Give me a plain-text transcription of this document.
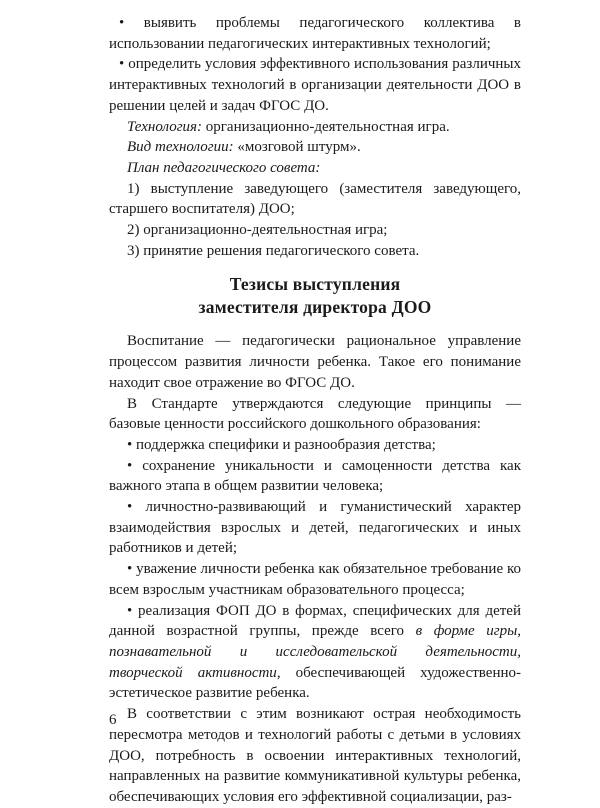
• выявить проблемы педагогического коллектива в использовании педагогических интерактивных технологий;

• определить условия эффективного использования различных интерактивных технологий в организации деятельности ДОО в решении целей и задач ФГОС ДО.

Технология: организационно-деятельностная игра.

Вид технологии: «мозговой штурм».

План педагогического совета:

1) выступление заведующего (заместителя заведующего, старшего воспитателя) ДОО;

2) организационно-деятельностная игра;

3) принятие решения педагогического совета.

Тезисы выступления
заместителя директора ДОО

Воспитание — педагогически рациональное управление процессом развития личности ребенка. Такое его понимание находит свое отражение во ФГОС ДО.

В Стандарте утверждаются следующие принципы — базовые ценности российского дошкольного образования:

• поддержка специфики и разнообразия детства;

• сохранение уникальности и самоценности детства как важного этапа в общем развитии человека;

• личностно-развивающий и гуманистический характер взаимодействия взрослых и детей, педагогических и иных работников и детей;

• уважение личности ребенка как обязательное требование ко всем взрослым участникам образовательного процесса;

• реализация ФОП ДО в формах, специфических для детей данной возрастной группы, прежде всего в форме игры, познавательной и исследовательской деятельности, творческой активности, обеспечивающей художественно-эстетическое развитие ребенка.

В соответствии с этим возникают острая необходимость пересмотра методов и технологий работы с детьми в условиях ДОО, потребность в освоении интерактивных технологий, направленных на развитие коммуникативной культуры ребенка, обеспечивающих условия его эффективной социализации, раз-

6
